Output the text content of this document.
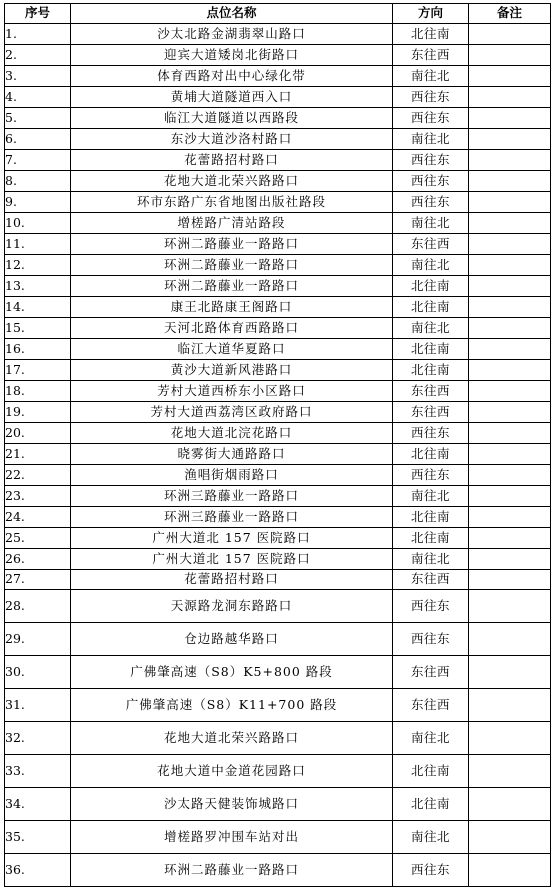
序号	点位名称	方向	备注
1.	沙太北路金湖翡翠山路口	北往南	
2.	迎宾大道矮岗北街路口	东往西	
3.	体育西路对出中心绿化带	南往北	
4.	黄埔大道隧道西入口	西往东	
5.	临江大道隧道以西路段	西往东	
6.	东沙大道沙洛村路口	南往北	
7.	花蕾路招村路口	西往东	
8.	花地大道北荣兴路路口	西往东	
9.	环市东路广东省地图出版社路段	西往东	
10.	增槎路广清站路段	南往北	
11.	环洲二路藤业一路路口	东往西	
12.	环洲二路藤业一路路口	南往北	
13.	环洲二路藤业一路路口	北往南	
14.	康王北路康王阁路口	北往南	
15.	天河北路体育西路路口	南往北	
16.	临江大道华夏路口	北往南	
17.	黄沙大道新风港路口	北往南	
18.	芳村大道西桥东小区路口	东往西	
19.	芳村大道西荔湾区政府路口	东往西	
20.	花地大道北浣花路口	西往东	
21.	晓雾街大通路路口	北往南	
22.	渔唱街烟雨路口	西往东	
23.	环洲三路藤业一路路口	南往北	
24.	环洲三路藤业一路路口	北往南	
25.	广州大道北 157 医院路口	北往南	
26.	广州大道北 157 医院路口	南往北	
27.	花蕾路招村路口	东往西	
28.	天源路龙洞东路路口	西往东	
29.	仓边路越华路口	西往东	
30.	广佛肇高速（S8）K5+800 路段	东往西	
31.	广佛肇高速（S8）K11+700 路段	东往西	
32.	花地大道北荣兴路路口	南往北	
33.	花地大道中金道花园路口	北往南	
34.	沙太路天健装饰城路口	北往南	
35.	增槎路罗冲围车站对出	南往北	
36.	环洲二路藤业一路路口	西往东	
